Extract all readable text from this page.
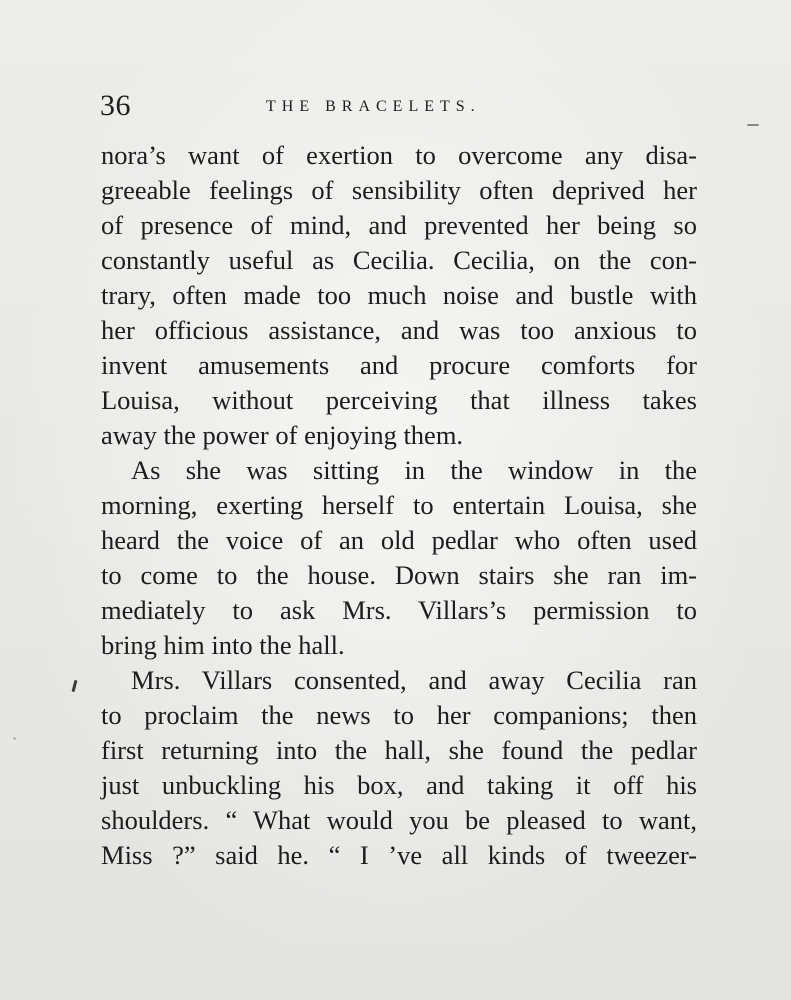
36	THE BRACELETS.
nora’s want of exertion to overcome any disa-
greeable feelings of sensibility often deprived her
of presence of mind, and prevented her being so
constantly useful as Cecilia. Cecilia, on the con-
trary, often made too much noise and bustle with
her officious assistance, and was too anxious to
invent amusements and procure comforts for
Louisa, without perceiving that illness takes
away the power of enjoying them.
As she was sitting in the window in the
morning, exerting herself to entertain Louisa, she
heard the voice of an old pedlar who often used
to come to the house. Down stairs she ran im-
mediately to ask Mrs. Villars’s permission to
bring him into the hall.
Mrs. Villars consented, and away Cecilia ran
to proclaim the news to her companions; then
first returning into the hall, she found the pedlar
just unbuckling his box, and taking it off his
shoulders. “ What would you be pleased to want,
Miss ?” said he. “ I ’ve all kinds of tweezer-
